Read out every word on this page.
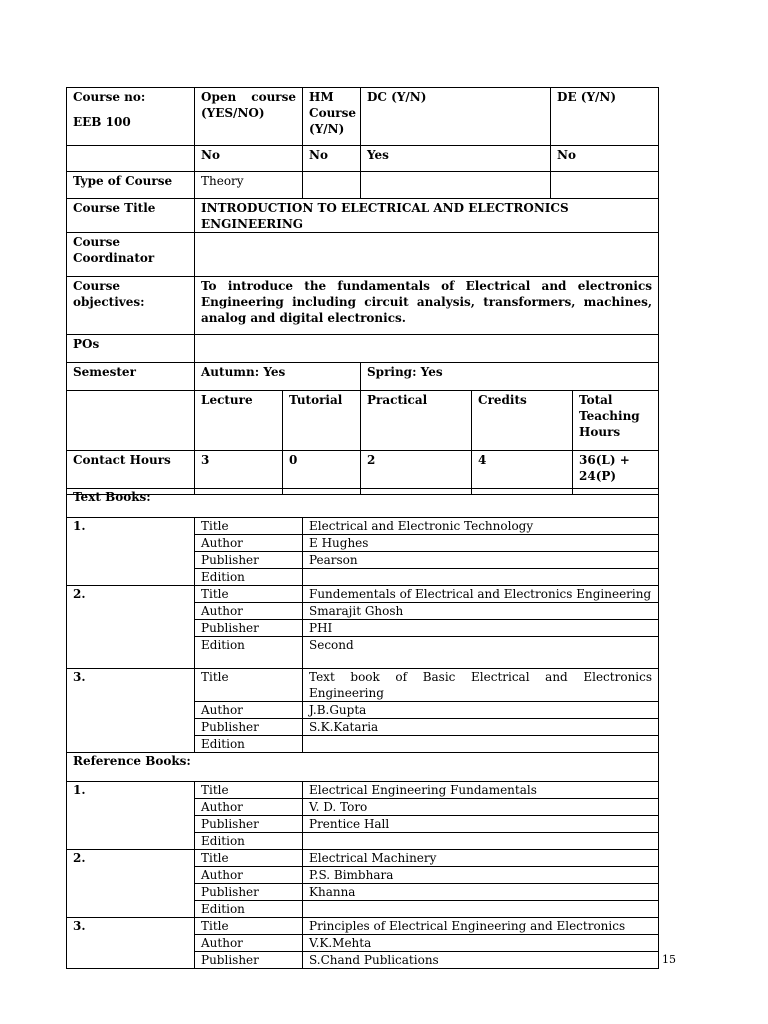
Course no:
EEB 100	Open course (YES/NO)		HM Course (Y/N)	DC (Y/N)		DE (Y/N)	
	No		No	Yes		No	
Type of Course	Theory						
Course Title	INTRODUCTION TO ELECTRICAL AND ELECTRONICS ENGINEERING						
Course Coordinator							
Course objectives:	To introduce the fundamentals of Electrical and electronics Engineering including circuit analysis, transformers, machines, analog and digital electronics.						
POs							
Semester	Autumn: Yes			Spring: Yes			
	Lecture	Tutorial		Practical	Credits		Total Teaching Hours
Contact Hours	3	0		2	4		36(L) + 24(P)
Text Books:		
1.	Title	Electrical and Electronic Technology
	Author	E Hughes
	Publisher	Pearson
	Edition	
2.	Title	Fundementals of Electrical and Electronics Engineering
	Author	Smarajit Ghosh
	Publisher	PHI
	Edition	Second
3.	Title	Text book of Basic Electrical and Electronics Engineering
	Author	J.B.Gupta
	Publisher	S.K.Kataria
	Edition	
Reference Books:		
1.	Title	Electrical Engineering Fundamentals
	Author	V. D. Toro
	Publisher	Prentice Hall
	Edition	
2.	Title	Electrical Machinery
	Author	P.S. Bimbhara
	Publisher	Khanna
	Edition	
3.	Title	Principles of Electrical Engineering and Electronics
	Author	V.K.Mehta
	Publisher	S.Chand Publications	15
